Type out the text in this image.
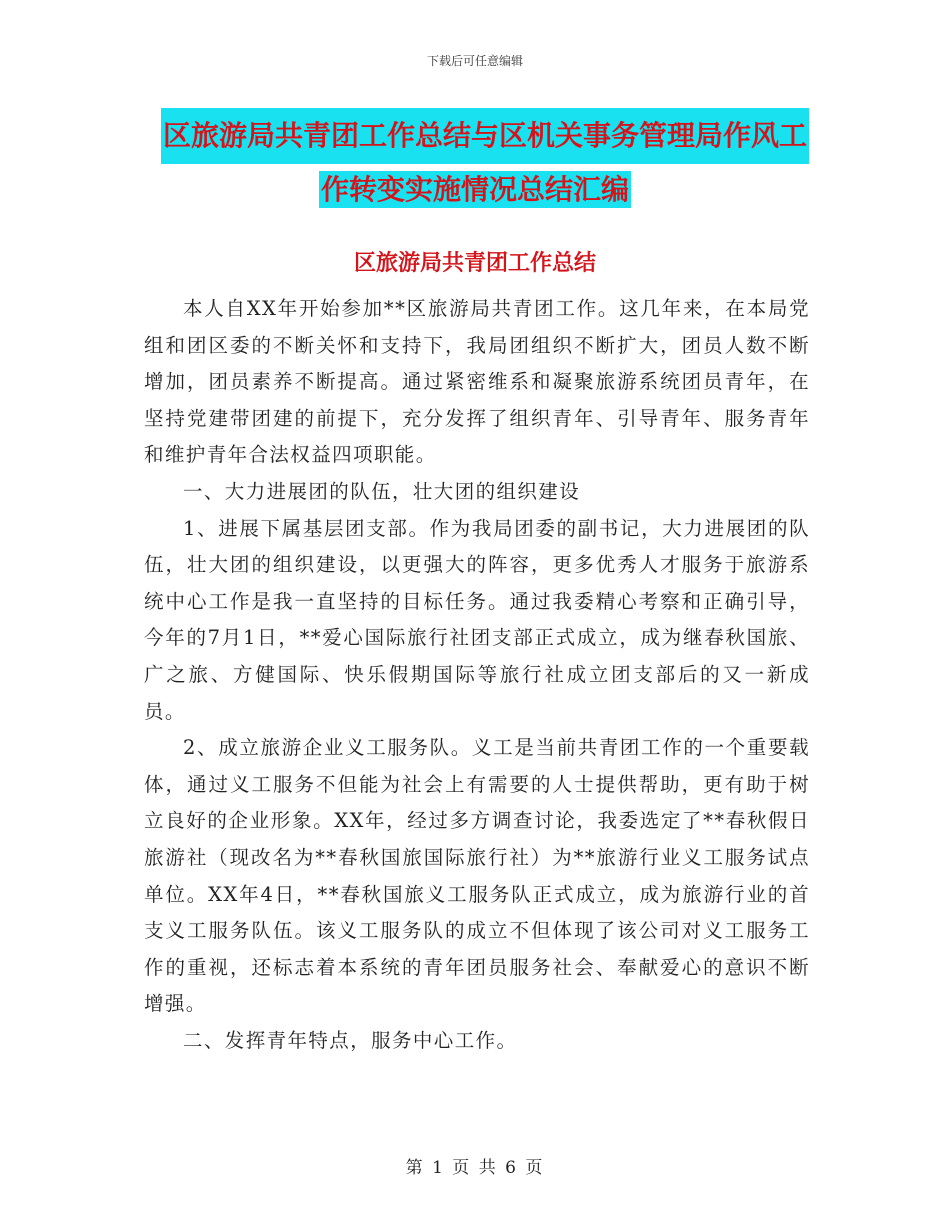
下载后可任意编辑
区旅游局共青团工作总结与区机关事务管理局作风工
作转变实施情况总结汇编
区旅游局共青团工作总结

本人自XX年开始参加**区旅游局共青团工作。这几年来，在本局党组和团区委的不断关怀和支持下，我局团组织不断扩大，团员人数不断增加，团员素养不断提高。通过紧密维系和凝聚旅游系统团员青年，在坚持党建带团建的前提下，充分发挥了组织青年、引导青年、服务青年和维护青年合法权益四项职能。

一、大力进展团的队伍，壮大团的组织建设

1、进展下属基层团支部。作为我局团委的副书记，大力进展团的队伍，壮大团的组织建设，以更强大的阵容，更多优秀人才服务于旅游系统中心工作是我一直坚持的目标任务。通过我委精心考察和正确引导，今年的7月1日，**爱心国际旅行社团支部正式成立，成为继春秋国旅、广之旅、方健国际、快乐假期国际等旅行社成立团支部后的又一新成员。

2、成立旅游企业义工服务队。义工是当前共青团工作的一个重要载体，通过义工服务不但能为社会上有需要的人士提供帮助，更有助于树立良好的企业形象。XX年，经过多方调查讨论，我委选定了**春秋假日旅游社（现改名为**春秋国旅国际旅行社）为**旅游行业义工服务试点单位。XX年4日，**春秋国旅义工服务队正式成立，成为旅游行业的首支义工服务队伍。该义工服务队的成立不但体现了该公司对义工服务工作的重视，还标志着本系统的青年团员服务社会、奉献爱心的意识不断增强。

二、发挥青年特点，服务中心工作。

第 1 页 共 6 页
